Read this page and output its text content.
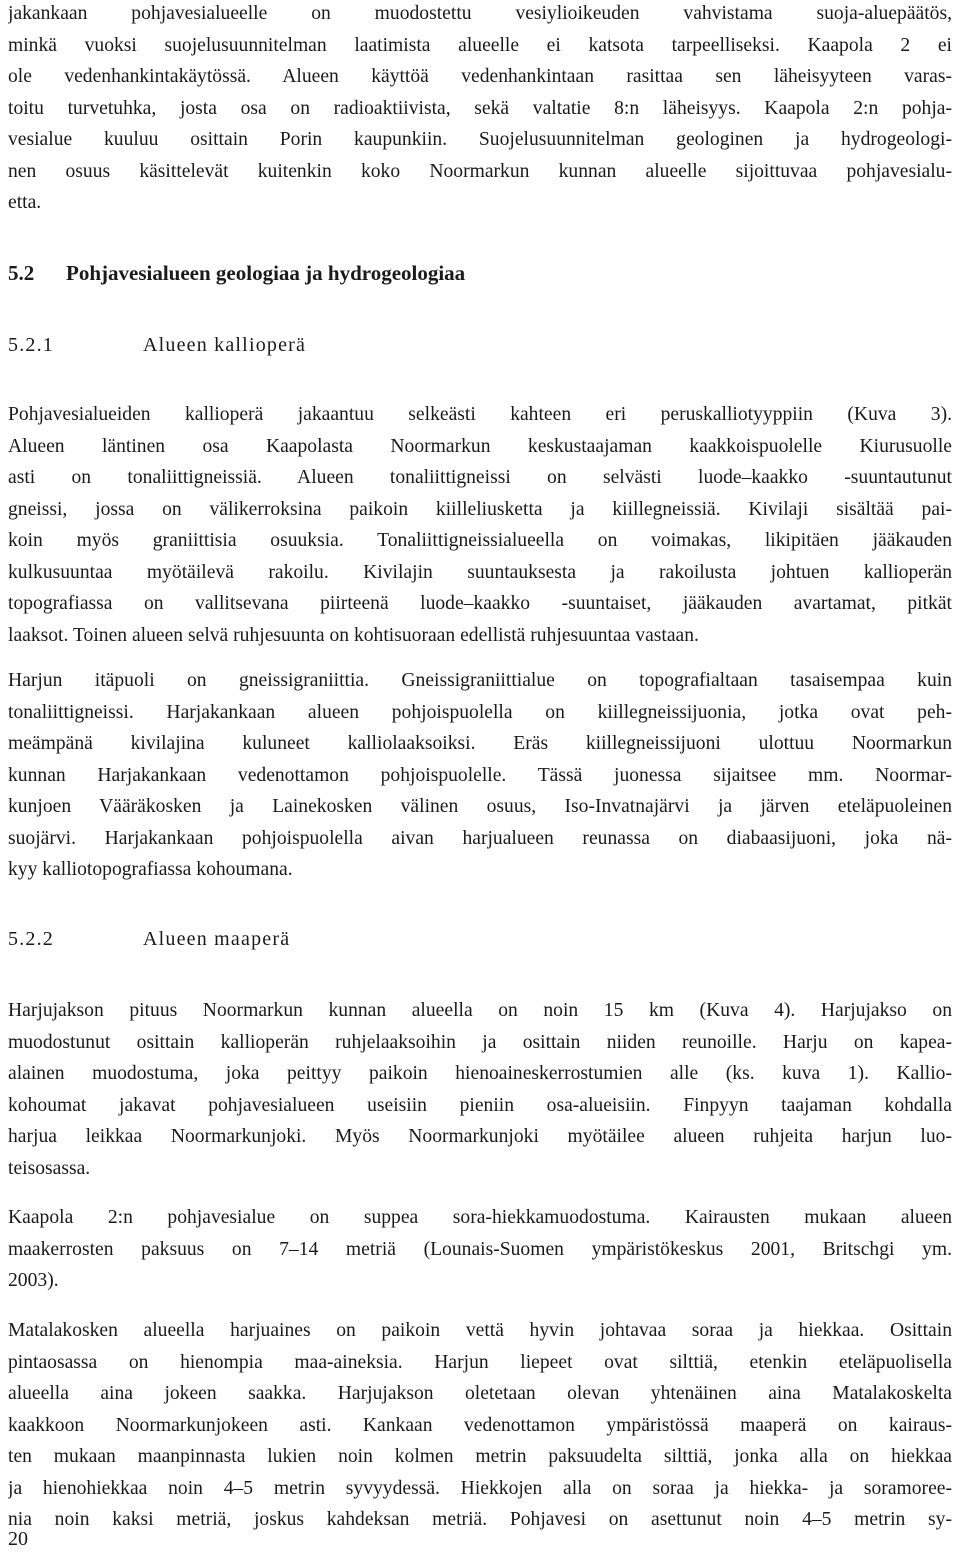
jakankaan pohjavesialueelle on muodostettu vesiylioikeuden vahvistama suoja-aluepäätös,
minkä vuoksi suojelusuunnitelman laatimista alueelle ei katsota tarpeelliseksi. Kaapola 2 ei
ole vedenhankintakäytössä. Alueen käyttöä vedenhankintaan rasittaa sen läheisyyteen varas-
toitu turvetuhka, josta osa on radioaktiivista, sekä valtatie 8:n läheisyys. Kaapola 2:n pohja-
vesialue kuuluu osittain Porin kaupunkiin. Suojelusuunnitelman geologinen ja hydrogeologi-
nen osuus käsittelevät kuitenkin koko Noormarkun kunnan alueelle sijoittuvaa pohjavesialu-
etta.
5.2 Pohjavesialueen geologiaa ja hydrogeologiaa
5.2.1	Alueen kallioperä
Pohjavesialueiden kallioperä jakaantuu selkeästi kahteen eri peruskalliotyyppiin (Kuva 3).
Alueen läntinen osa Kaapolasta Noormarkun keskustaajaman kaakkoispuolelle Kiurusuolle
asti on tonaliittigneissiä. Alueen tonaliittigneissi on selvästi luode–kaakko -suuntautunut
gneissi, jossa on välikerroksina paikoin kiilleliusketta ja kiillegneissiä. Kivilaji sisältää pai-
koin myös graniittisia osuuksia. Tonaliittigneissialueella on voimakas, likipitäen jääkauden
kulkusuuntaa myötäilevä rakoilu. Kivilajin suuntauksesta ja rakoilusta johtuen kallioperän
topografiassa on vallitsevana piirteenä luode–kaakko -suuntaiset, jääkauden avartamat, pitkät
laaksot. Toinen alueen selvä ruhjesuunta on kohtisuoraan edellistä ruhjesuuntaa vastaan.
Harjun itäpuoli on gneissigraniittia. Gneissigraniittialue on topografialtaan tasaisempaa kuin
tonaliittigneissi. Harjakankaan alueen pohjoispuolella on kiillegneissijuonia, jotka ovat peh-
meämpänä kivilajina kuluneet kalliolaaksoiksi. Eräs kiillegneissijuoni ulottuu Noormarkun
kunnan Harjakankaan vedenottamon pohjoispuolelle. Tässä juonessa sijaitsee mm. Noormar-
kunjoen Vääräkosken ja Lainekosken välinen osuus, Iso-Invatnajärvi ja järven eteläpuoleinen
suojärvi. Harjakankaan pohjoispuolella aivan harjualueen reunassa on diabaasijuoni, joka nä-
kyy kalliotopografiassa kohoumana.
5.2.2	Alueen maaperä
Harjujakson pituus Noormarkun kunnan alueella on noin 15 km (Kuva 4). Harjujakso on
muodostunut osittain kallioperän ruhjelaaksoihin ja osittain niiden reunoille. Harju on kapea-
alainen muodostuma, joka peittyy paikoin hienoaineskerrostumien alle (ks. kuva 1). Kallio-
kohoumat jakavat pohjavesialueen useisiin pieniin osa-alueisiin. Finpyyn taajaman kohdalla
harjua leikkaa Noormarkunjoki. Myös Noormarkunjoki myötäilee alueen ruhjeita harjun luo-
teisosassa.
Kaapola 2:n pohjavesialue on suppea sora-hiekkamuodostuma. Kairausten mukaan alueen
maakerrosten paksuus on 7–14 metriä (Lounais-Suomen ympäristökeskus 2001, Britschgi ym.
2003).
Matalakosken alueella harjuaines on paikoin vettä hyvin johtavaa soraa ja hiekkaa. Osittain
pintaosassa on hienompia maa-aineksia. Harjun liepeet ovat silttiä, etenkin eteläpuolisella
alueella aina jokeen saakka. Harjujakson oletetaan olevan yhtenäinen aina Matalakoskelta
kaakkoon Noormarkunjokeen asti. Kankaan vedenottamon ympäristössä maaperä on kairaus-
ten mukaan maanpinnasta lukien noin kolmen metrin paksuudelta silttiä, jonka alla on hiekkaa
ja hienohiekkaa noin 4–5 metrin syvyydessä. Hiekkojen alla on soraa ja hiekka- ja soramoree-
nia noin kaksi metriä, joskus kahdeksan metriä. Pohjavesi on asettunut noin 4–5 metrin sy-
20
